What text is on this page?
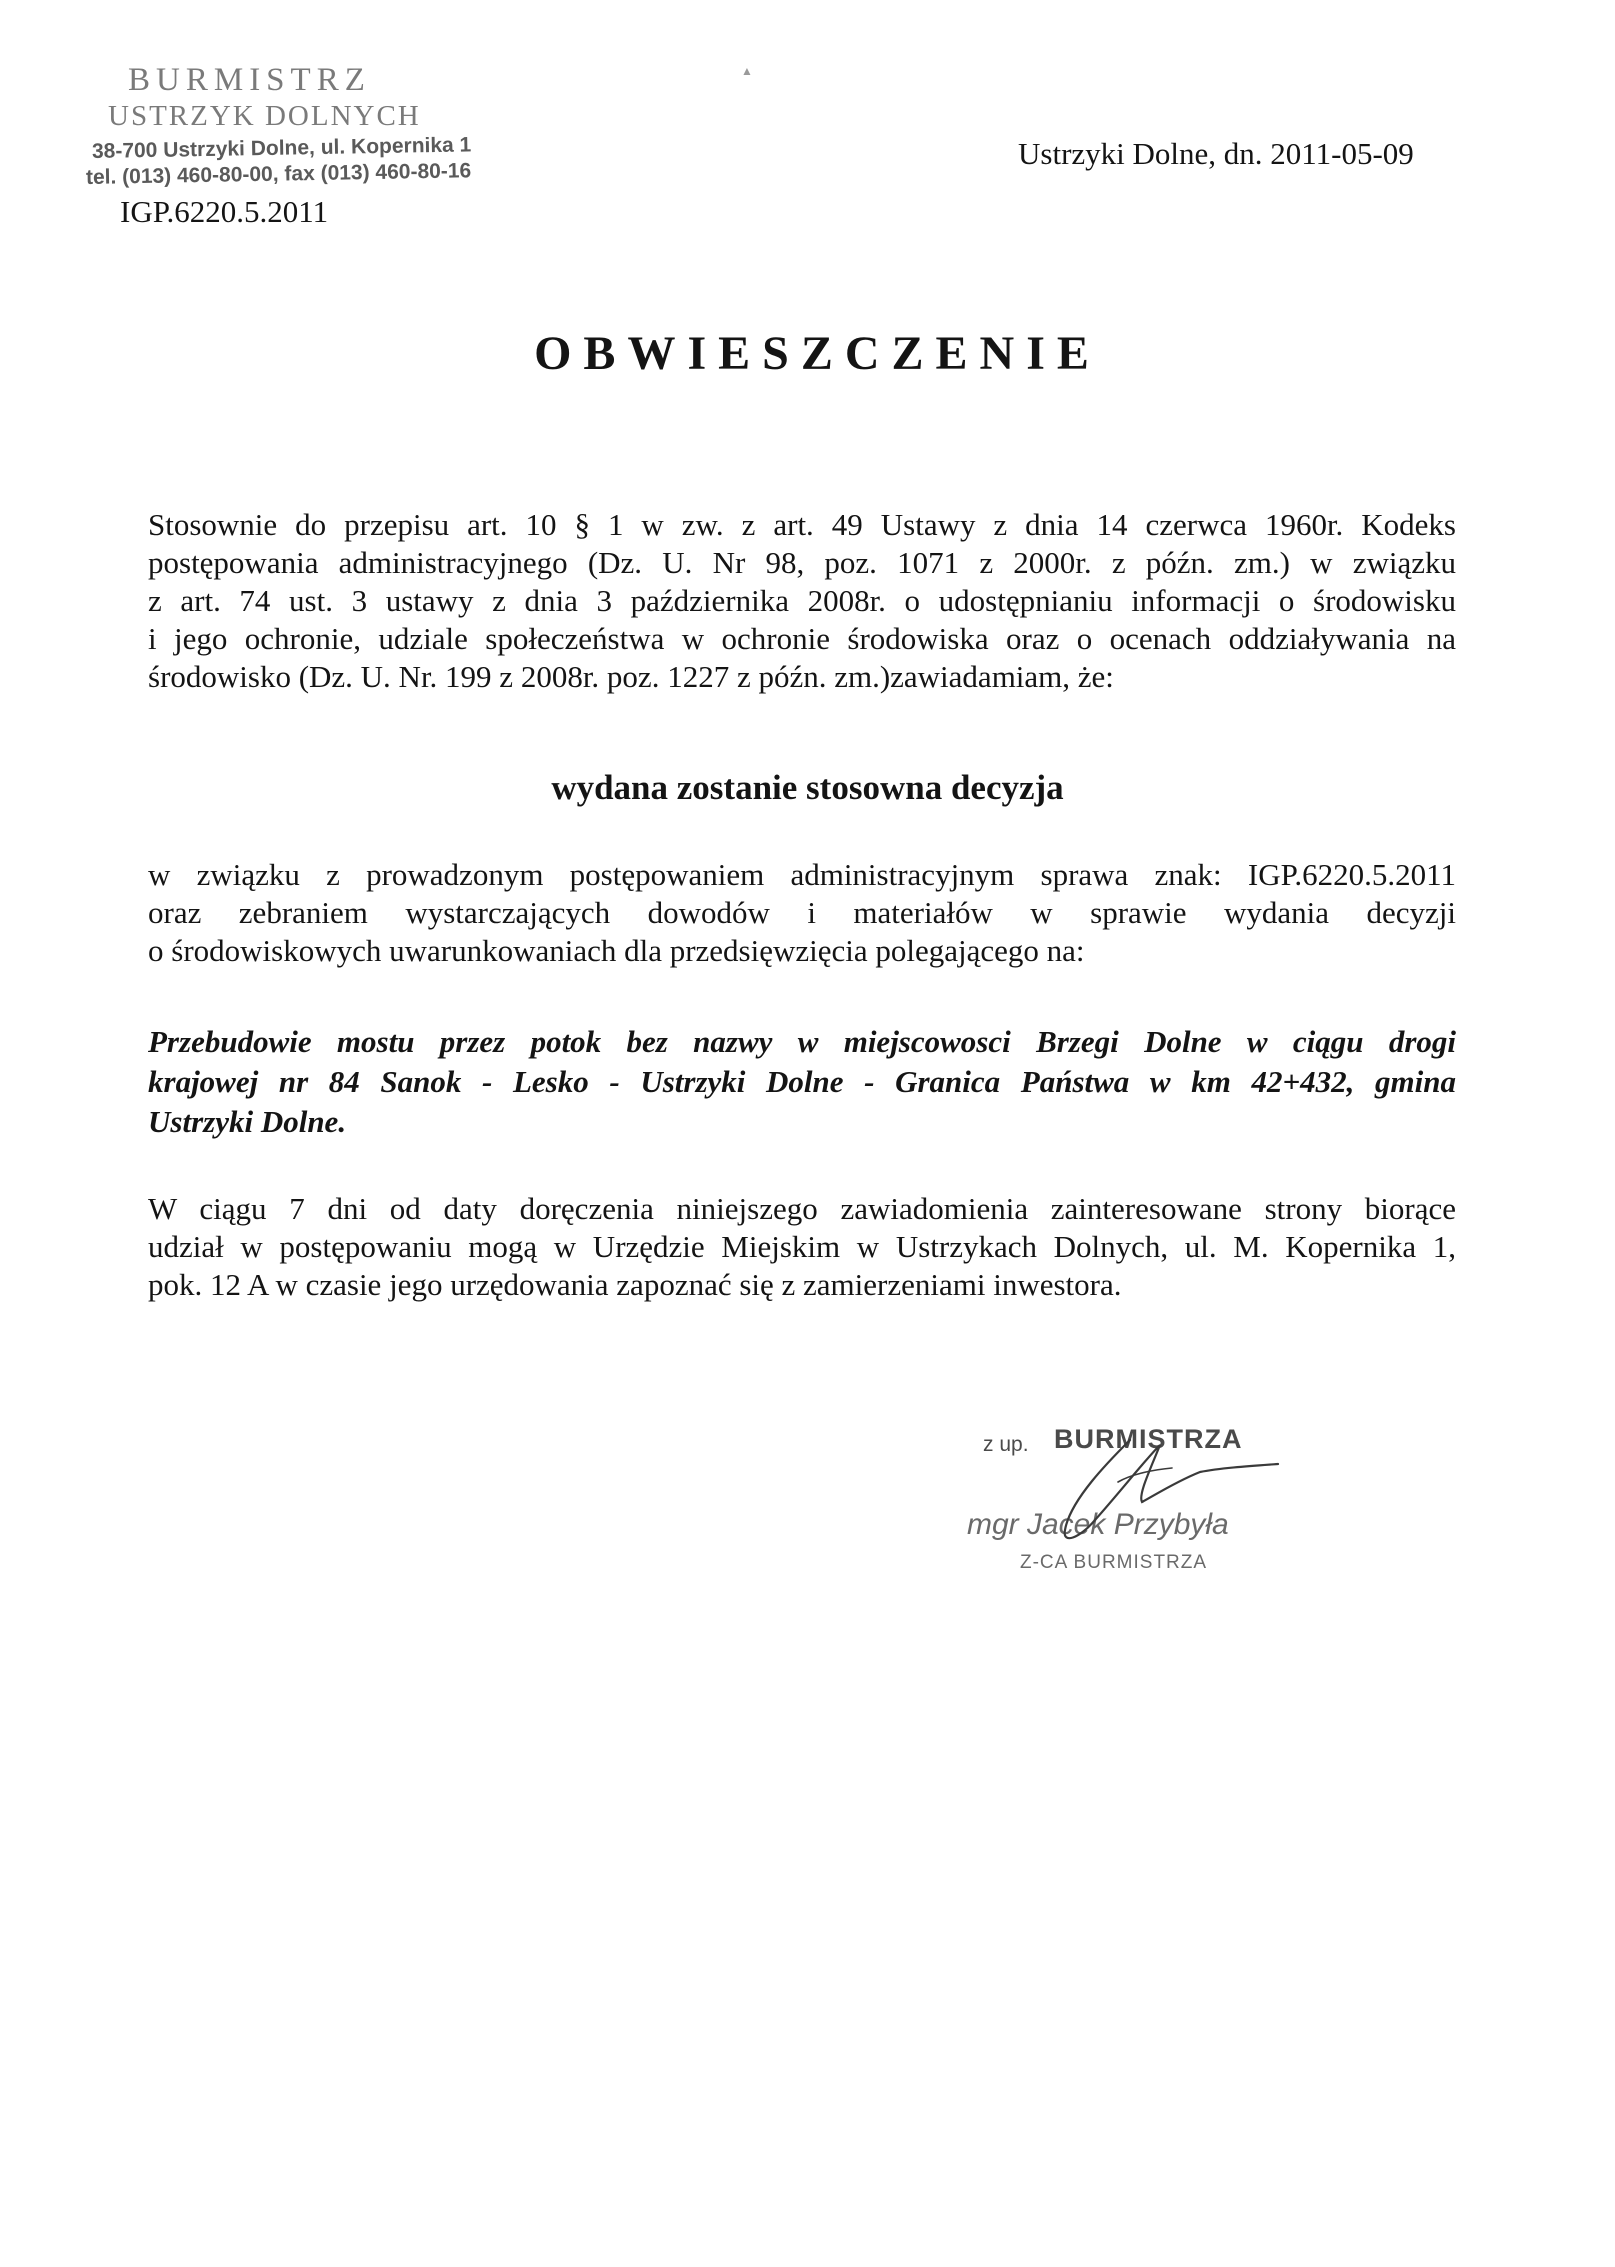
BURMISTRZ
USTRZYK DOLNYCH
38-700 Ustrzyki Dolne, ul. Kopernika 1
tel. (013) 460-80-00, fax (013) 460-80-16
▲
IGP.6220.5.2011
Ustrzyki Dolne, dn. 2011-05-09
OBWIESZCZENIE
Stosownie do przepisu art. 10 § 1 w zw. z art. 49 Ustawy z dnia 14 czerwca 1960r. Kodeks
postępowania administracyjnego (Dz. U. Nr 98, poz. 1071 z 2000r. z późn. zm.) w związku
z art. 74 ust. 3 ustawy z dnia 3 października 2008r. o udostępnianiu informacji o środowisku
i jego ochronie, udziale społeczeństwa w ochronie środowiska oraz o ocenach oddziaływania na
środowisko (Dz. U. Nr. 199 z 2008r. poz. 1227 z późn. zm.)zawiadamiam, że:
wydana zostanie stosowna decyzja
w związku z prowadzonym postępowaniem administracyjnym sprawa znak: IGP.6220.5.2011
oraz zebraniem wystarczających dowodów i materiałów w sprawie wydania decyzji
o środowiskowych uwarunkowaniach dla przedsięwzięcia polegającego na:
Przebudowie mostu przez potok bez nazwy w miejscowosci Brzegi Dolne w ciągu drogi
krajowej nr 84 Sanok - Lesko - Ustrzyki Dolne - Granica Państwa w km 42+432, gmina
Ustrzyki Dolne.
W ciągu 7 dni od daty doręczenia niniejszego zawiadomienia zainteresowane strony biorące
udział w postępowaniu mogą w Urzędzie Miejskim w Ustrzykach Dolnych, ul. M. Kopernika 1,
pok. 12 A w czasie jego urzędowania zapoznać się z zamierzeniami inwestora.
z up. BURMISTRZA
mgr Jacek Przybyła
Z-CA BURMISTRZA
